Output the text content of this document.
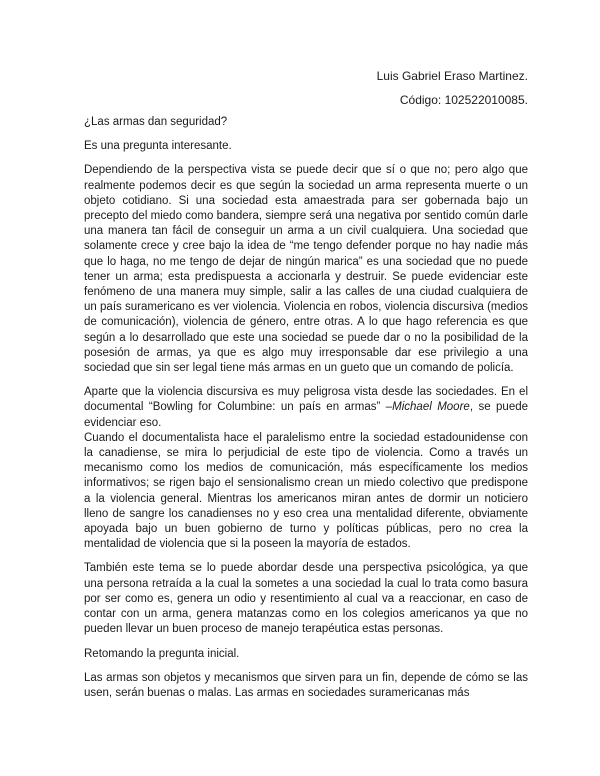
Luis Gabriel Eraso Martinez.
Código: 102522010085.

¿Las armas dan seguridad?

Es una pregunta interesante.

Dependiendo de la perspectiva vista se puede decir que sí o que no; pero algo que realmente podemos decir es que según la sociedad un arma representa muerte o un objeto cotidiano. Si una sociedad esta amaestrada para ser gobernada bajo un precepto del miedo como bandera, siempre será una negativa por sentido común darle una manera tan fácil de conseguir un arma a un civil cualquiera. Una sociedad que solamente crece y cree bajo la idea de “me tengo defender porque no hay nadie más que lo haga, no me tengo de dejar de ningún marica” es una sociedad que no puede tener un arma; esta predispuesta a accionarla y destruir. Se puede evidenciar este fenómeno de una manera muy simple, salir a las calles de una ciudad cualquiera de un país suramericano es ver violencia. Violencia en robos, violencia discursiva (medios de comunicación), violencia de género, entre otras. A lo que hago referencia es que según a lo desarrollado que este una sociedad se puede dar o no la posibilidad de la posesión de armas, ya que es algo muy irresponsable dar ese privilegio a una sociedad que sin ser legal tiene más armas en un gueto que un comando de policía.

Aparte que la violencia discursiva es muy peligrosa vista desde las sociedades. En el documental “Bowling for Columbine: un país en armas” –Michael Moore, se puede evidenciar eso.

Cuando el documentalista hace el paralelismo entre la sociedad estadounidense con la canadiense, se mira lo perjudicial de este tipo de violencia. Como a través un mecanismo como los medios de comunicación, más específicamente los medios informativos; se rigen bajo el sensionalismo crean un miedo colectivo que predispone a la violencia general. Mientras los americanos miran antes de dormir un noticiero lleno de sangre los canadienses no y eso crea una mentalidad diferente, obviamente apoyada bajo un buen gobierno de turno y políticas públicas, pero no crea la mentalidad de violencia que si la poseen la mayoría de estados.

También este tema se lo puede abordar desde una perspectiva psicológica, ya que una persona retraída a la cual la sometes a una sociedad la cual lo trata como basura por ser como es, genera un odio y resentimiento al cual va a reaccionar, en caso de contar con un arma, genera matanzas como en los colegios americanos ya que no pueden llevar un buen proceso de manejo terapéutica estas personas.

Retomando la pregunta inicial.

Las armas son objetos y mecanismos que sirven para un fin, depende de cómo se las usen, serán buenas o malas. Las armas en sociedades suramericanas más
